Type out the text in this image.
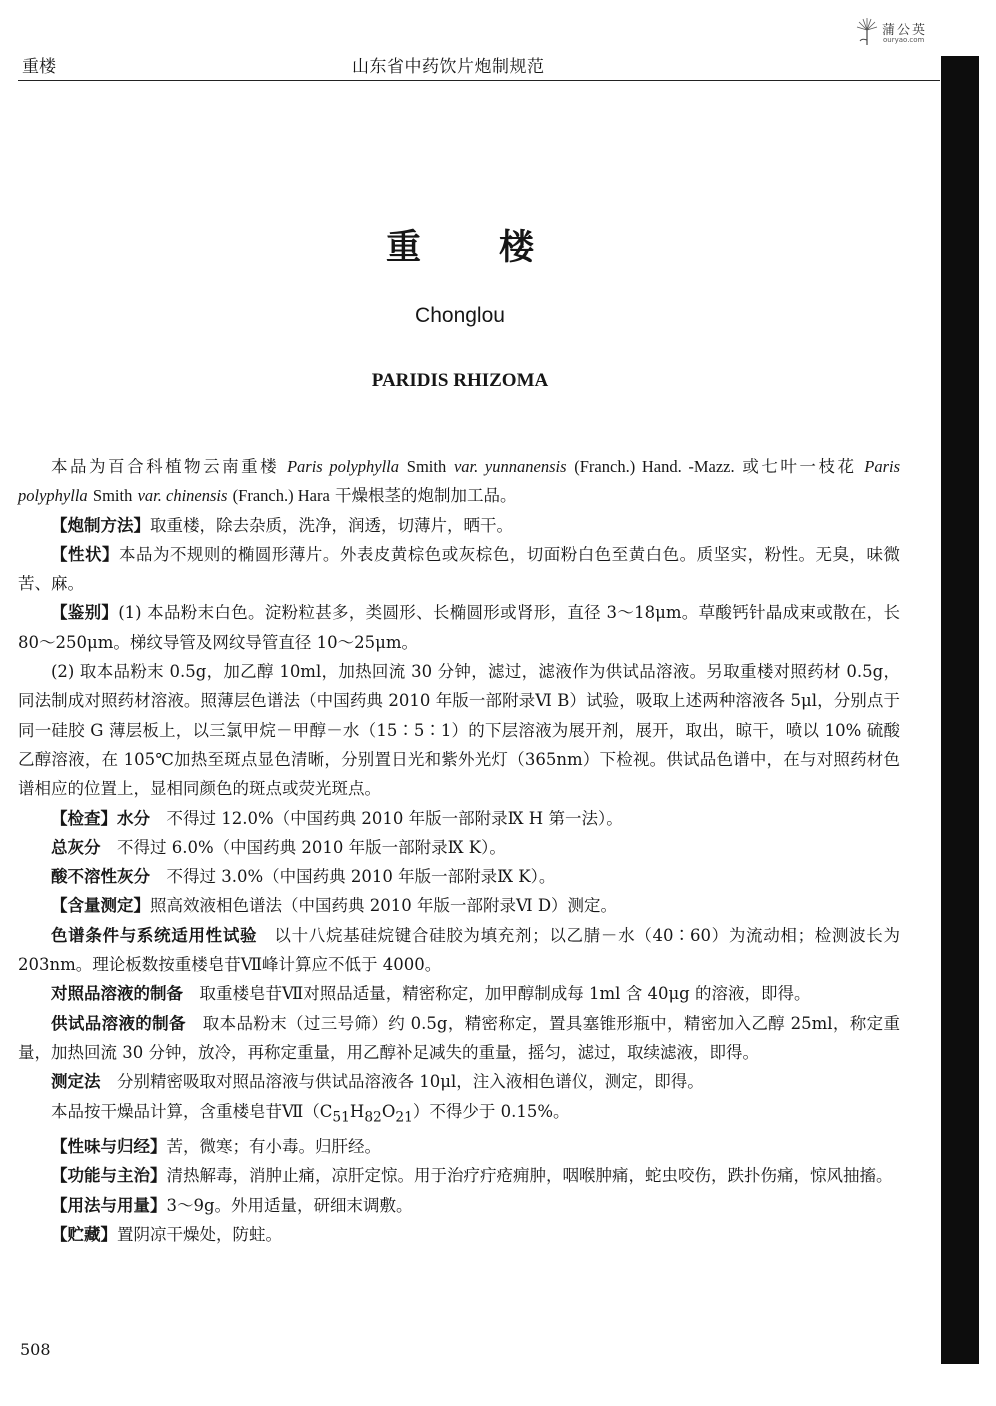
重楼	山东省中药饮片炮制规范
蒲公英
ouryao.com
重楼
Chonglou
PARIDIS RHIZOMA

本品为百合科植物云南重楼 Paris polyphylla Smith var. yunnanensis (Franch.) Hand. -Mazz. 或七叶一枝花 Paris polyphylla Smith var. chinensis (Franch.) Hara 干燥根茎的炮制加工品。

【炮制方法】取重楼，除去杂质，洗净，润透，切薄片，晒干。

【性状】本品为不规则的椭圆形薄片。外表皮黄棕色或灰棕色，切面粉白色至黄白色。质坚实，粉性。无臭，味微苦、麻。

【鉴别】(1) 本品粉末白色。淀粉粒甚多，类圆形、长椭圆形或肾形，直径 3～18μm。草酸钙针晶成束或散在，长 80～250μm。梯纹导管及网纹导管直径 10～25μm。

(2) 取本品粉末 0.5g，加乙醇 10ml，加热回流 30 分钟，滤过，滤液作为供试品溶液。另取重楼对照药材 0.5g，同法制成对照药材溶液。照薄层色谱法（中国药典 2010 年版一部附录Ⅵ B）试验，吸取上述两种溶液各 5μl，分别点于同一硅胶 G 薄层板上，以三氯甲烷－甲醇－水（15∶5∶1）的下层溶液为展开剂，展开，取出，晾干，喷以 10% 硫酸乙醇溶液，在 105℃加热至斑点显色清晰，分别置日光和紫外光灯（365nm）下检视。供试品色谱中，在与对照药材色谱相应的位置上，显相同颜色的斑点或荧光斑点。

【检查】水分  不得过 12.0%（中国药典 2010 年版一部附录Ⅸ H 第一法）。

总灰分  不得过 6.0%（中国药典 2010 年版一部附录Ⅸ K）。

酸不溶性灰分  不得过 3.0%（中国药典 2010 年版一部附录Ⅸ K）。

【含量测定】照高效液相色谱法（中国药典 2010 年版一部附录Ⅵ D）测定。

色谱条件与系统适用性试验  以十八烷基硅烷键合硅胶为填充剂；以乙腈－水（40∶60）为流动相；检测波长为 203nm。理论板数按重楼皂苷Ⅶ峰计算应不低于 4000。

对照品溶液的制备  取重楼皂苷Ⅶ对照品适量，精密称定，加甲醇制成每 1ml 含 40μg 的溶液，即得。

供试品溶液的制备  取本品粉末（过三号筛）约 0.5g，精密称定，置具塞锥形瓶中，精密加入乙醇 25ml，称定重量，加热回流 30 分钟，放冷，再称定重量，用乙醇补足减失的重量，摇匀，滤过，取续滤液，即得。

测定法  分别精密吸取对照品溶液与供试品溶液各 10μl，注入液相色谱仪，测定，即得。

本品按干燥品计算，含重楼皂苷$Ⅶ(C_{51}H_{82}O_{21})$不得少于 0.15%。

【性味与归经】苦，微寒；有小毒。归肝经。

【功能与主治】清热解毒，消肿止痛，凉肝定惊。用于治疗疔疮痈肿，咽喉肿痛，蛇虫咬伤，跌扑伤痛，惊风抽搐。

【用法与用量】3～9g。外用适量，研细末调敷。

【贮藏】置阴凉干燥处，防蛀。

508
